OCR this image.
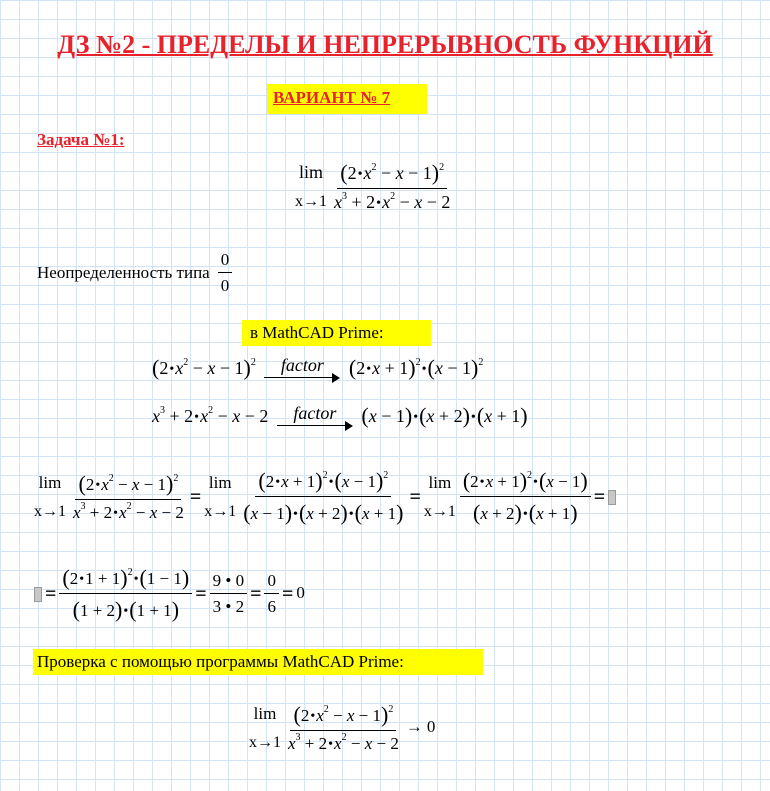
ДЗ №2 - ПРЕДЕЛЫ И НЕПРЕРЫВНОСТЬ ФУНКЦИЙ
ВАРИАНТ № 7
Задача №1:
lim
$x\to 1 \frac{(2•x^2 - x - 1)^2}{x^3 + 2•x^2 - x - 2}$
Неопределенность типа $\frac{0}{0}$
в MathCAD Prime:
$(2•x^2 - x - 1)^2$ factor (2•x + 1)$^2$•(x − 1)$^2$
$x^3$ + $2•x^2 - x - 2$ factor (x − 1)•(x + 2)•(x + 1)
lim
$x\to 1 \frac{(2•x^2 - x - 1)^2}{x^3 + 2•x^2 - x - 2}$ =
lim
$x\to 1 \frac{(2•x + 1)^2•(x - 1)^2}{(x - 1)•(x + 2)•(x + 1)}$ =
lim
$x\to 1 \frac{(2•x + 1)^2•(x - 1)}{(x + 2)•(x + 1)}$ =
= $\frac{(2•1 + 1)^2•(1 - 1)}{(1 + 2)•(1 + 1)} = \frac{9 • 0}{3 • 2} = \frac{0}{6} = 0$
Проверка с помощью программы MathCAD Prime:
lim
$x\to 1 \frac{(2•x^2 - x - 1)^2}{x^3 + 2•x^2 - x - 2} \to 0$
